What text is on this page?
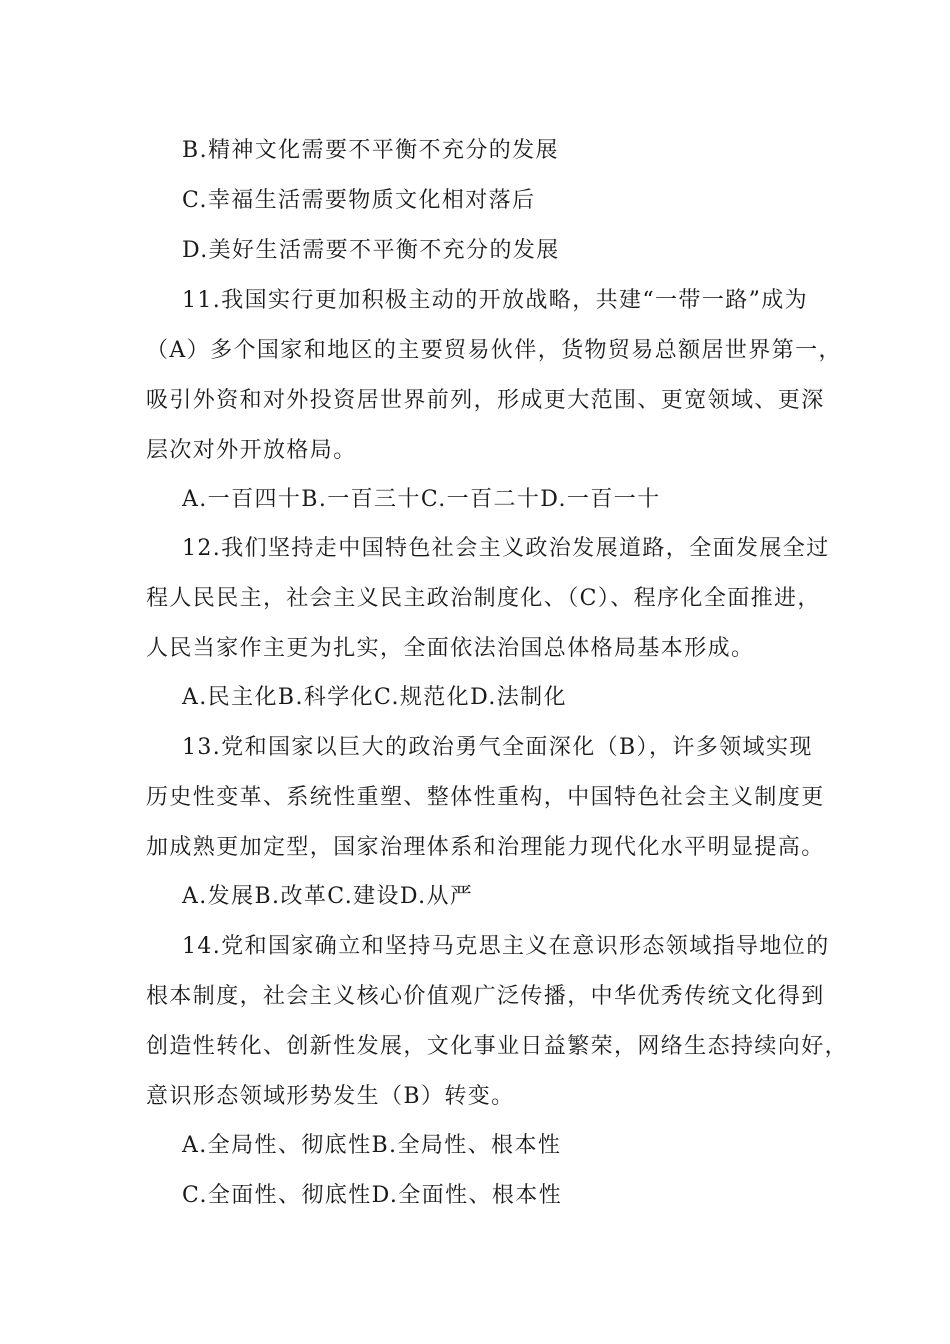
B.精神文化需要不平衡不充分的发展
C.幸福生活需要物质文化相对落后
D.美好生活需要不平衡不充分的发展
11.我国实行更加积极主动的开放战略，共建“一带一路”成为
（A）多个国家和地区的主要贸易伙伴，货物贸易总额居世界第一，
吸引外资和对外投资居世界前列，形成更大范围、更宽领域、更深
层次对外开放格局。
A.一百四十B.一百三十C.一百二十D.一百一十
12.我们坚持走中国特色社会主义政治发展道路，全面发展全过
程人民民主，社会主义民主政治制度化、（C）、程序化全面推进，
人民当家作主更为扎实，全面依法治国总体格局基本形成。
A.民主化B.科学化C.规范化D.法制化
13.党和国家以巨大的政治勇气全面深化（B），许多领域实现
历史性变革、系统性重塑、整体性重构，中国特色社会主义制度更
加成熟更加定型，国家治理体系和治理能力现代化水平明显提高。
A.发展B.改革C.建设D.从严
14.党和国家确立和坚持马克思主义在意识形态领域指导地位的
根本制度，社会主义核心价值观广泛传播，中华优秀传统文化得到
创造性转化、创新性发展，文化事业日益繁荣，网络生态持续向好，
意识形态领域形势发生（B）转变。
A.全局性、彻底性B.全局性、根本性
C.全面性、彻底性D.全面性、根本性
